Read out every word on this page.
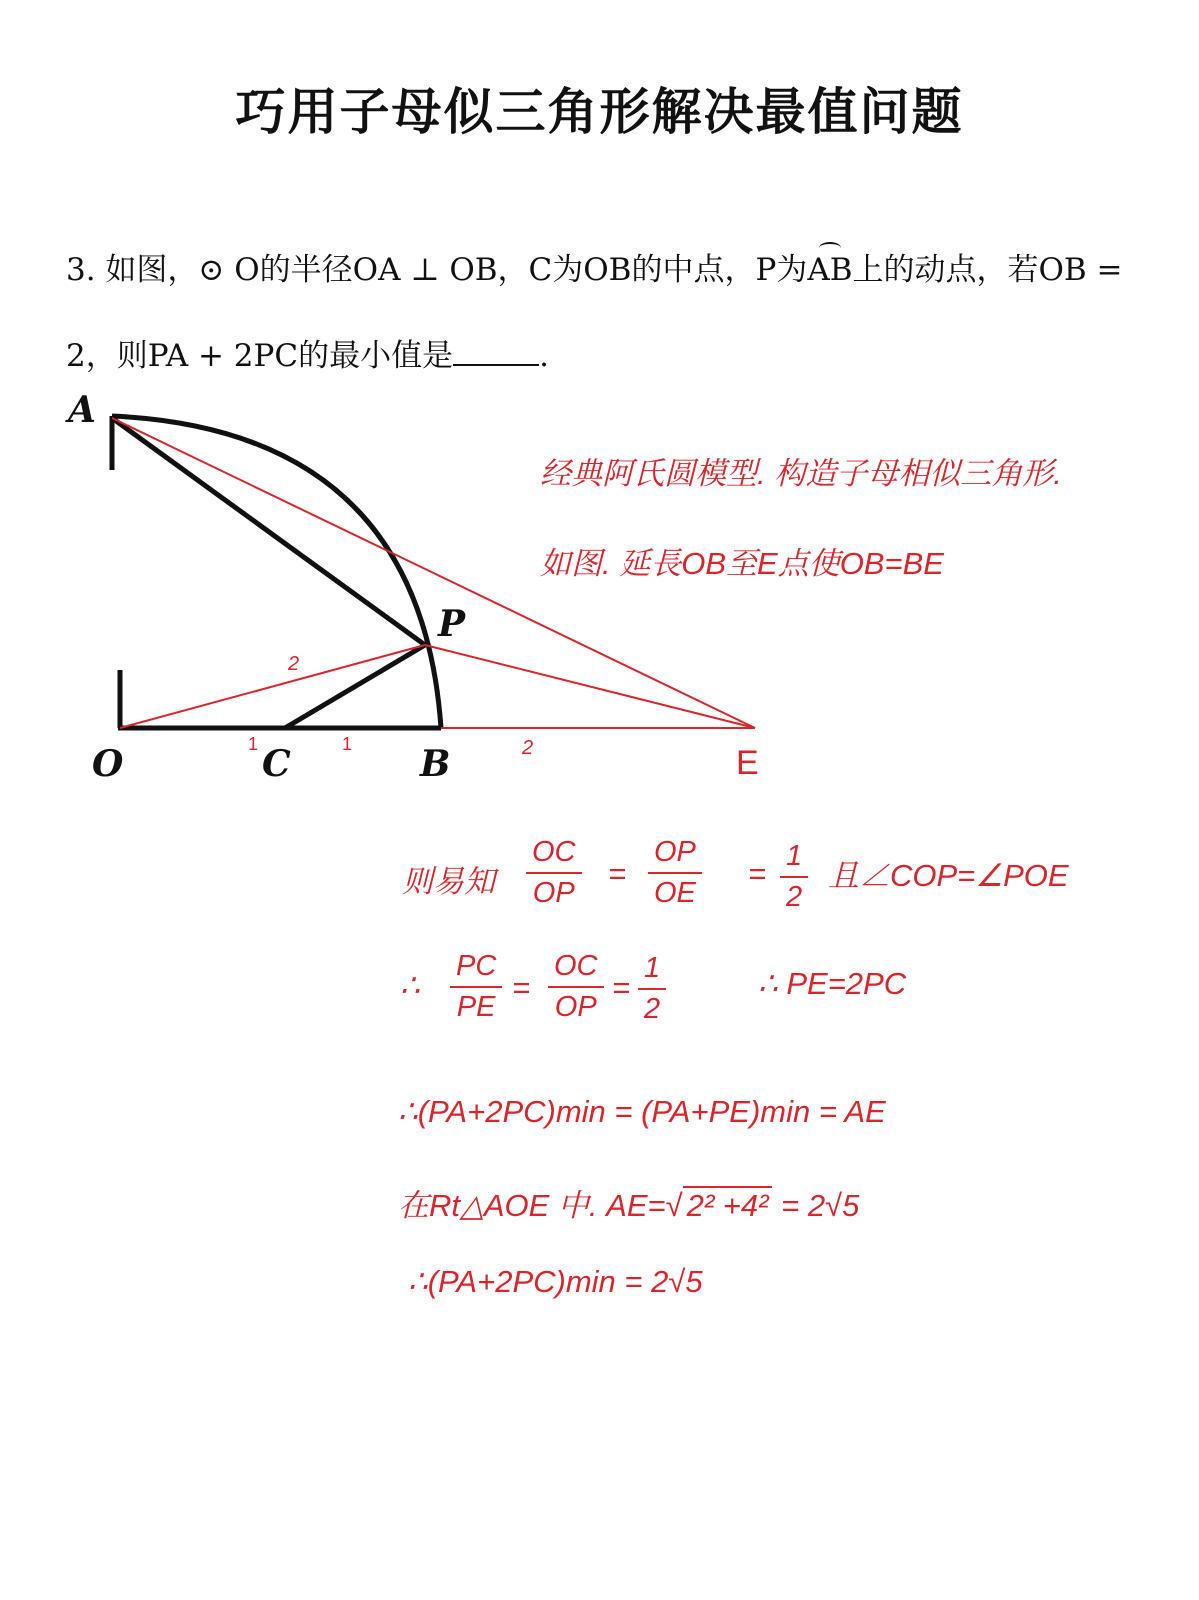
巧用子母似三角形解决最值问题
3. 如图，⊙ O的半径OA ⊥ OB，C为OB的中点，P为AB上的动点，若OB =
2，则PA + 2PC的最小值是	.
A
O	C	B
P
E
2
1	1	2
经典阿氏圆模型. 构造子母相似三角形.
如图. 延長OB至E点使OB=BE
则易知 $\frac{OC}{OP} = \frac{OP}{OE} = \frac{1}{2}$ 且∠COP=∠POE
∴ $\frac{PC}{PE} = \frac{OC}{OP} = \frac{1}{2}$	∴ PE=2PC
∴(PA+2PC)min = (PA+PE)min = AE
在Rt△AOE 中. AE=√ 2² +4² = 2√5
∴(PA+2PC)min = 2√5
